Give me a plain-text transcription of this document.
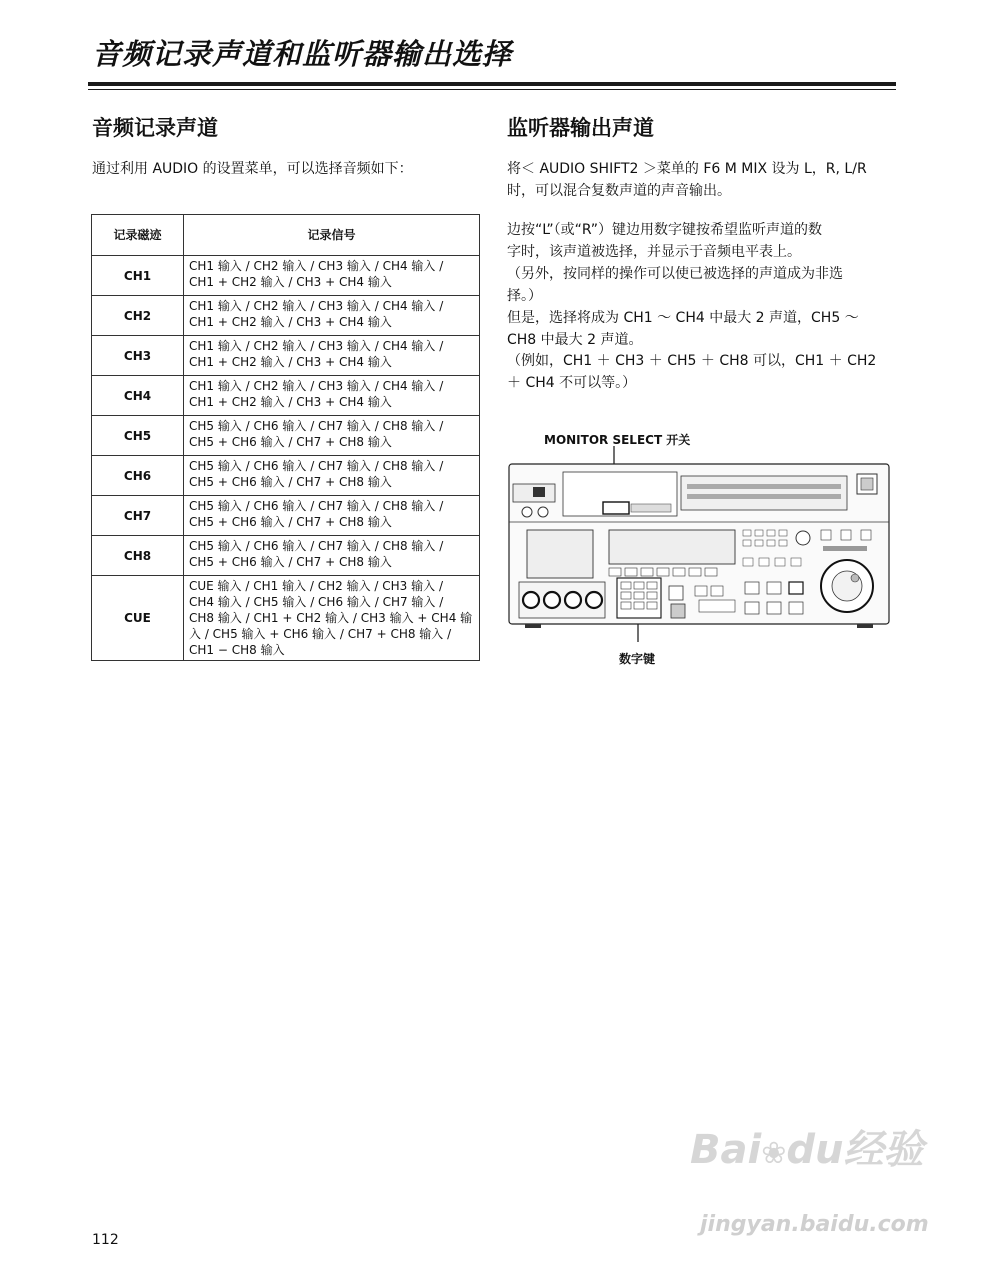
音频记录声道和监听器输出选择
音频记录声道

通过利用 AUDIO 的设置菜单，可以选择音频如下：

记录磁迹	记录信号
CH1	CH1 输入 / CH2 输入 / CH3 输入 / CH4 输入 /
CH1 + CH2 输入 / CH3 + CH4 输入

CH2	CH1 输入 / CH2 输入 / CH3 输入 / CH4 输入 /
CH1 + CH2 输入 / CH3 + CH4 输入

CH3	CH1 输入 / CH2 输入 / CH3 输入 / CH4 输入 /
CH1 + CH2 输入 / CH3 + CH4 输入

CH4	CH1 输入 / CH2 输入 / CH3 输入 / CH4 输入 /
CH1 + CH2 输入 / CH3 + CH4 输入

CH5	CH5 输入 / CH6 输入 / CH7 输入 / CH8 输入 /
CH5 + CH6 输入 / CH7 + CH8 输入

CH6	CH5 输入 / CH6 输入 / CH7 输入 / CH8 输入 /
CH5 + CH6 输入 / CH7 + CH8 输入

CH7	CH5 输入 / CH6 输入 / CH7 输入 / CH8 输入 /
CH5 + CH6 输入 / CH7 + CH8 输入

CH8	CH5 输入 / CH6 输入 / CH7 输入 / CH8 输入 /
CH5 + CH6 输入 / CH7 + CH8 输入

CUE	CUE 输入 / CH1 输入 / CH2 输入 / CH3 输入 /
CH4 输入 / CH5 输入 / CH6 输入 / CH7 输入 /
CH8 输入 / CH1 + CH2 输入 / CH3 输入 + CH4 输
入 / CH5 输入 + CH6 输入 / CH7 + CH8 输入 /
CH1 − CH8 输入
监听器输出声道
将＜ AUDIO SHIFT2 ＞菜单的 F6 M MIX 设为 L，R, L/R
时，可以混合复数声道的声音输出。
边按“L”（或“R”）键边用数字键按希望监听声道的数
字时，该声道被选择，并显示于音频电平表上。
（另外，按同样的操作可以使已被选择的声道成为非选
择。）
但是，选择将成为 CH1 〜 CH4 中最大 2 声道，CH5 〜
CH8 中最大 2 声道。
（例如，CH1 ＋ CH3 ＋ CH5 ＋ CH8 可以，CH1 ＋ CH2
＋ CH4 不可以等。）
MONITOR SELECT 开关
数字键
112
Bai❀du经验
jingyan.baidu.com
